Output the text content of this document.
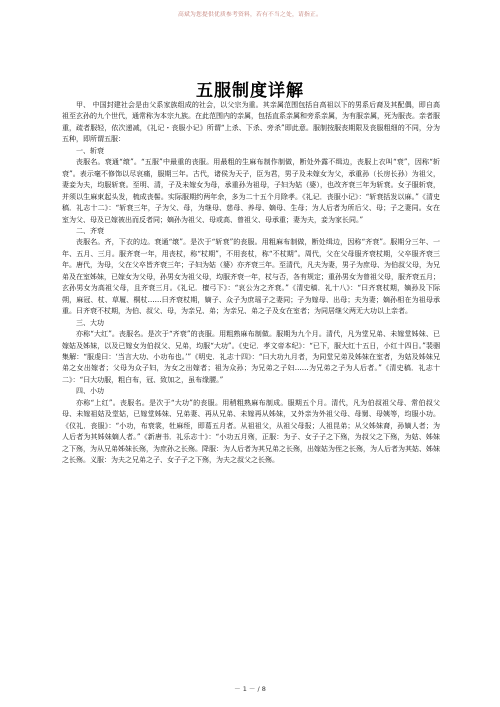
高斌为您提供优质参考资料，若有不当之处，请指正。
五服制度详解

甲、 中国封建社会是由父系家族组成的社会，以父宗为重。其亲属范围包括自高祖以下的男系后裔及其配偶，即自高祖至玄孙的九个世代，通常称为本宗九族。在此范围内的亲属，包括直系亲属和旁系亲属，为有服亲属，死为服丧。亲者服重，疏者服轻，依次递减，《礼记・丧服小记》所谓“上杀、下杀、旁杀”即此意。服制按服丧期限及丧服粗细的不同，分为五种，即所谓五服：

一、斩衰

丧服名。衰通“缞”。“五服”中最重的丧服。用最粗的生麻布制作制做，断处外露不缉边，丧服上衣叫“衰”，因称“斩衰”。表示毫不修饰以尽哀痛，服期三年。古代，诸侯为天子，臣为君，男子及未嫁女为父，承重孙（长房长孙）为祖父，妻妾为夫，均服斩衰。至明、清，子及未嫁女为母，承重孙为祖母，子妇为姑（婆），也改齐衰三年为斩衰。女子服斩衰，并须以生麻束起头发，梳成丧髻。实际服期约两年余，多为二十五个月除孝。《礼记．丧服小记》：“斩衰括发以麻。”《清史稿．礼志十二》：“斩衰三年，子为父、母，为继母、慈母、养母、嫡母、生母；为人后者为所后父、母；子之妻同。女在室为父、母及已嫁被出而反者同；嫡孙为祖父、母或高、曾祖父、母承重；妻为夫，妾为家长同。”

二、齐衰

丧服名。齐，下衣的边。衰通“缞”。是次于“斩衰”的丧服。用粗麻布制做，断处缉边，因称“齐衰”。服期分三年、一年、五月、三月。服齐衰一年，用丧杖，称“杖期”，不用丧杖，称“不杖期”。周代，父在父母服齐衰杖期，父卒服齐衰三年。唐代，为母，父在父卒皆齐衰三年；子妇为姑（婆）亦齐衰三年。至清代，凡夫为妻，男子为庶母、为伯叔父母，为兄弟及在室姊妹，已嫁女为父母，孙男女为祖父母，均服齐衰一年，杖与否，各有规定；重孙男女为曾祖父母，服齐衰五月；玄孙男女为高祖父母，且齐衰三月。《礼记．檀弓下》：“哀公为之齐衰。”《清史稿．礼十八》：“曰齐衰杖期，嫡孙及下际朔，麻冠、杖、草履、桐杖……曰齐衰杖期，嫡子、众子为庶瑶子之妻同；子为嫁母、出母；夫为妻；嫡孙相在为祖母承重。曰齐衰不杖期，为伯、叔父、母，为亲兄、弟；为亲兄、弟之子及女在室者；为同居继父两无大功以上亲者。

三、大功

亦称“大红”。丧服名。是次于“齐衰”的丧服。用粗熟麻布制做。服期为九个月。清代，凡为堂兄弟、未嫁堂姊妹、已嫁姑及姊妹，以及已嫁女为伯叔父、兄弟，均服“大功”。《史记．孝文帝本纪》：“已下，服大红十五日，小红十四日。”裴骃集解：“服虔曰：‘当言大功、小功布也。’”《明史．礼志十四》：“曰大功九月者，为同堂兄弟及姊妹在室者，为姑及姊妹兄弟之女出嫁者；父母为众子妇，为女之出嫁者；祖为众孙；为兄弟之子妇……为兄弟之子为人后者。”《清史稿．礼志十二》：“曰大功服，粗白布，冠、致加之，虽布缘腰。”

四、小功

亦称“上红”。丧服名。是次于“大功”的丧服。用稍粗熟麻布制成。服期五个月。清代，凡为伯叔祖父母、常伯叔父母、未嫁祖姑及堂姑，已嫁堂姊妹、兄弟妻、再从兄弟、未嫁再从姊妹，又外亲为外祖父母、母舅、母姨等，均服小功。《仪礼．丧服》：“小功，布衰裳，牡麻绖，即葛五月者。从祖祖父，从祖父母报；人祖昆弟；从父姊妹裔，孙嫡人者；为人后者为其姊妹嫡人者。”《新唐书．礼乐志十》：“小功五月殇，正服：为子、女子子之下殇，为叔父之下殇，为姑、姊妹之下殇，为从兄弟姊妹长殇，为庶孙之长殇。降服：为人后者为其兄弟之长殇，出嫁姑为侄之长殇，为人后者为其姑、姊妹之长殇。义服：为夫之兄弟之子、女子子之下殇，为夫之叔父之长殇。

－ 1 － / 8
